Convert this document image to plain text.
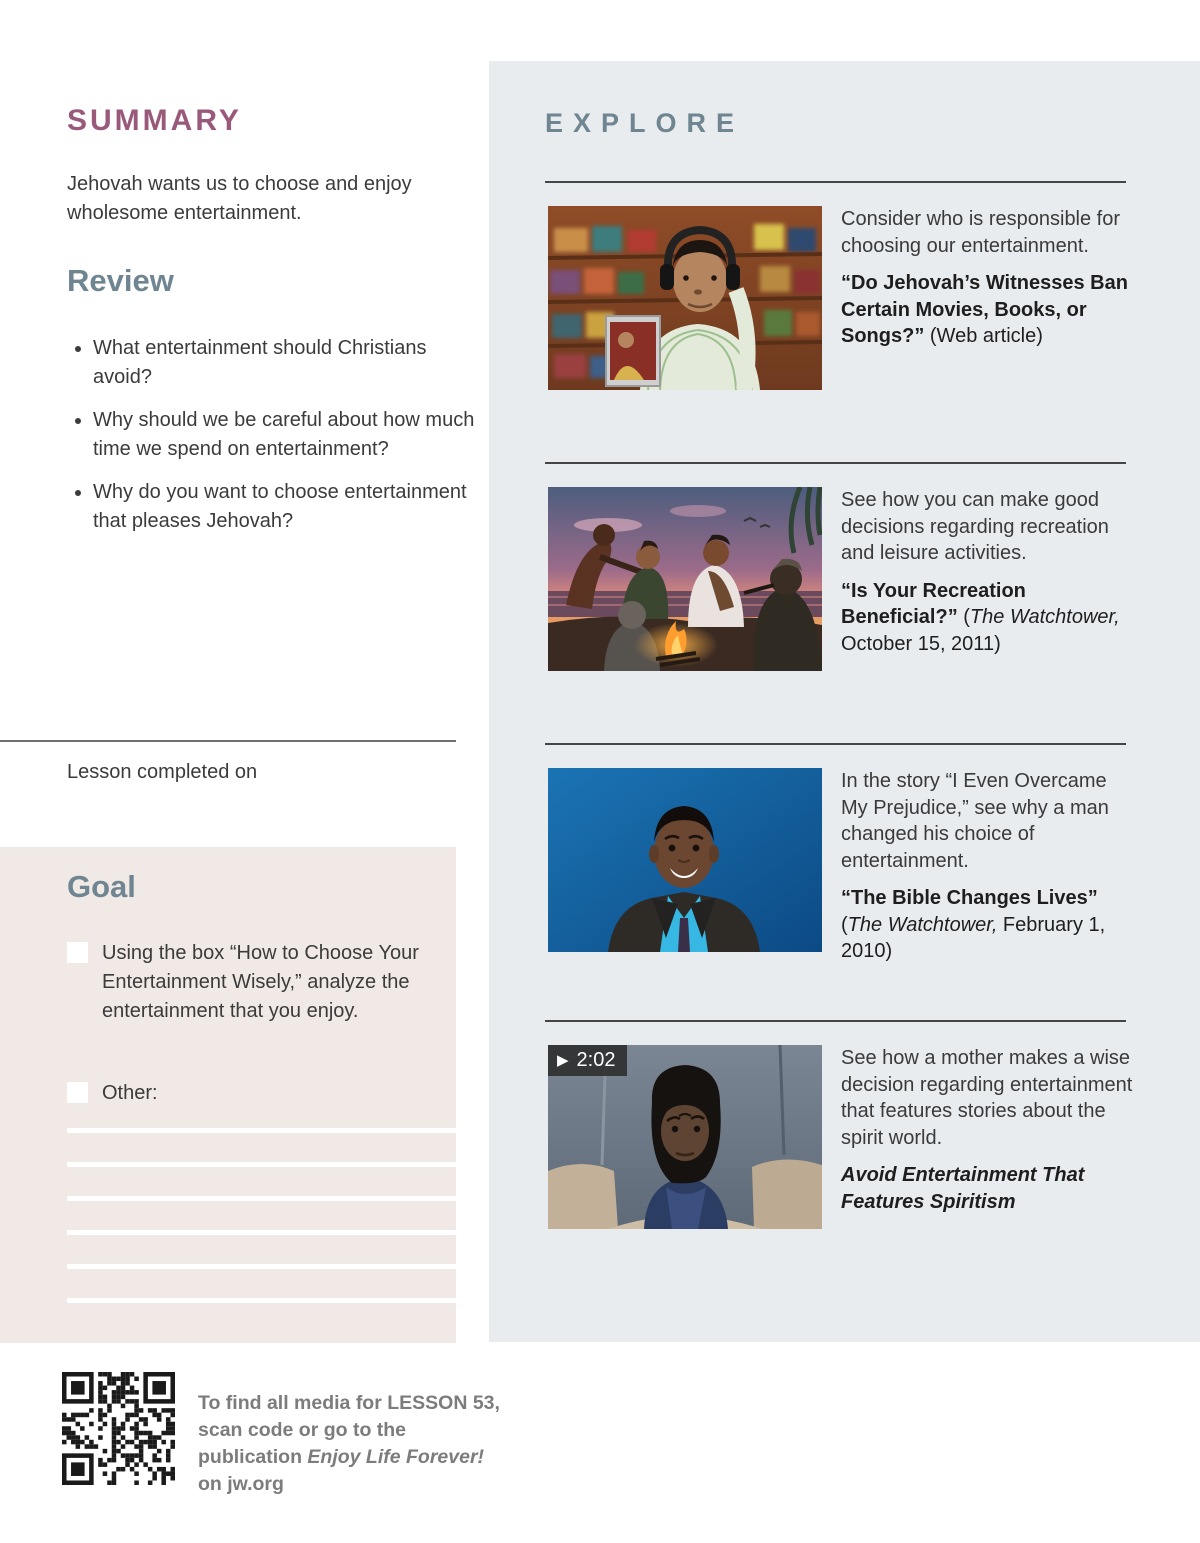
SUMMARY
Jehovah wants us to choose and enjoy wholesome entertainment.
Review
• What entertainment should Christians avoid?
• Why should we be careful about how much time we spend on entertainment?
• Why do you want to choose entertainment that pleases Jehovah?
Lesson completed on
Goal
Using the box “How to Choose Your Entertainment Wisely,” analyze the entertainment that you enjoy.
Other:
To find all media for LESSON 53, scan code or go to the publication Enjoy Life Forever! on jw.org
EXPLORE

Consider who is responsible for choosing our entertainment.

“Do Jehovah’s Witnesses Ban Certain Movies, Books, or Songs?” (Web article)

See how you can make good decisions regarding recreation and leisure activities.

“Is Your Recreation Beneficial?” (The Watchtower, October 15, 2011)

In the story “I Even Overcame My Prejudice,” see why a man changed his choice of entertainment.

“The Bible Changes Lives” (The Watchtower, February 1, 2010)

▶ 2:02	See how a mother makes a wise decision regarding entertainment that features stories about the spirit world.

Avoid Entertainment That Features Spiritism
